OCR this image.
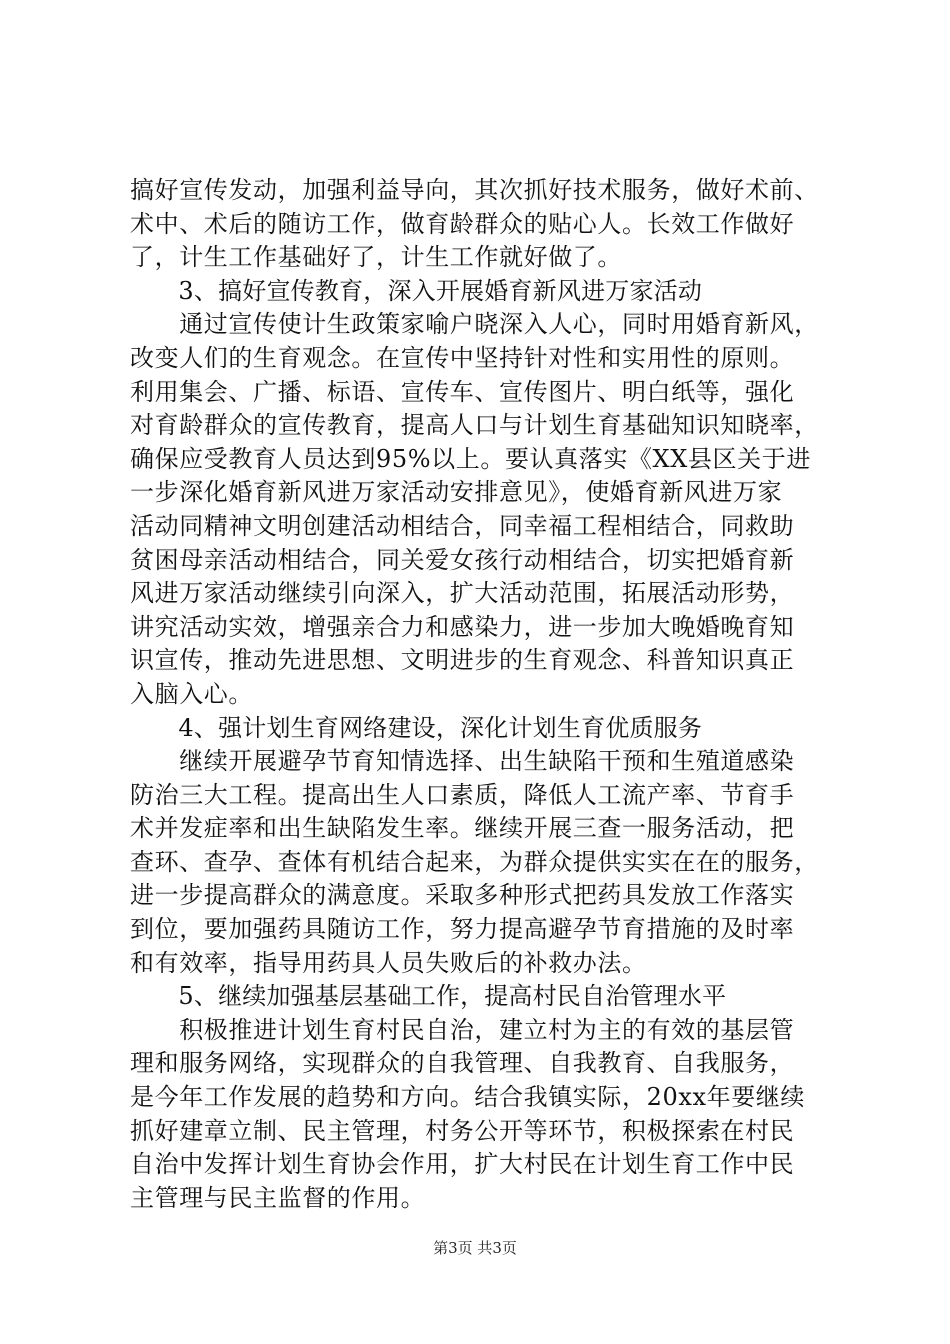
搞好宣传发动，加强利益导向，其次抓好技术服务，做好术前、
术中、术后的随访工作，做育龄群众的贴心人。长效工作做好
了，计生工作基础好了，计生工作就好做了。
　　3、搞好宣传教育，深入开展婚育新风进万家活动
　　通过宣传使计生政策家喻户晓深入人心，同时用婚育新风，
改变人们的生育观念。在宣传中坚持针对性和实用性的原则。
利用集会、广播、标语、宣传车、宣传图片、明白纸等，强化
对育龄群众的宣传教育，提高人口与计划生育基础知识知晓率，
确保应受教育人员达到95%以上。要认真落实《XX县区关于进
一步深化婚育新风进万家活动安排意见》，使婚育新风进万家
活动同精神文明创建活动相结合，同幸福工程相结合，同救助
贫困母亲活动相结合，同关爱女孩行动相结合，切实把婚育新
风进万家活动继续引向深入，扩大活动范围，拓展活动形势，
讲究活动实效，增强亲合力和感染力，进一步加大晚婚晚育知
识宣传，推动先进思想、文明进步的生育观念、科普知识真正
入脑入心。
　　4、强计划生育网络建设，深化计划生育优质服务
　　继续开展避孕节育知情选择、出生缺陷干预和生殖道感染
防治三大工程。提高出生人口素质，降低人工流产率、节育手
术并发症率和出生缺陷发生率。继续开展三查一服务活动，把
查环、查孕、查体有机结合起来，为群众提供实实在在的服务，
进一步提高群众的满意度。采取多种形式把药具发放工作落实
到位，要加强药具随访工作，努力提高避孕节育措施的及时率
和有效率，指导用药具人员失败后的补救办法。
　　5、继续加强基层基础工作，提高村民自治管理水平
　　积极推进计划生育村民自治，建立村为主的有效的基层管
理和服务网络，实现群众的自我管理、自我教育、自我服务，
是今年工作发展的趋势和方向。结合我镇实际，20xx年要继续
抓好建章立制、民主管理，村务公开等环节，积极探索在村民
自治中发挥计划生育协会作用，扩大村民在计划生育工作中民
主管理与民主监督的作用。
第3页 共3页
